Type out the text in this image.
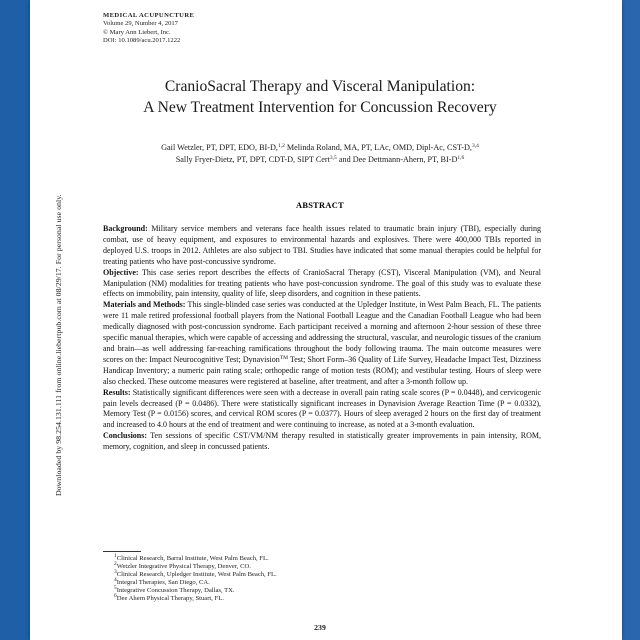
Downloaded by 98.254.131.111 from online.liebertpub.com at 08/29/17. For personal use only.
MEDICAL ACUPUNCTURE
Volume 29, Number 4, 2017
© Mary Ann Liebert, Inc.
DOI: 10.1089/acu.2017.1222
CranioSacral Therapy and Visceral Manipulation:
A New Treatment Intervention for Concussion Recovery
Gail Wetzler, PT, DPT, EDO, BI-D,$^{1,2}$ Melinda Roland, MA, PT, LAc, OMD, Dipl-Ac, CST-D,$^{3,4}$
Sally Fryer-Dietz, PT, DPT, CDT-D, SIPT Cert$^{3,5}$ and Dee Dettmann-Ahern, PT, $BI-D^{1,6}$
ABSTRACT

Background: Military service members and veterans face health issues related to traumatic brain injury (TBI), especially during combat, use of heavy equipment, and exposures to environmental hazards and explosives. There were 400,000 TBIs reported in deployed U.S. troops in 2012. Athletes are also subject to TBI. Studies have indicated that some manual therapies could be helpful for treating patients who have post-concussive syndrome.

Objective: This case series report describes the effects of CranioSacral Therapy (CST), Visceral Manipulation (VM), and Neural Manipulation (NM) modalities for treating patients who have post-concussion syndrome. The goal of this study was to evaluate these effects on immobility, pain intensity, quality of life, sleep disorders, and cognition in these patients.

Materials and Methods: This single-blinded case series was conducted at the Upledger Institute, in West Palm Beach, FL. The patients were 11 male retired professional football players from the National Football League and the Canadian Football League who had been medically diagnosed with post-concussion syndrome. Each participant received a morning and afternoon 2-hour session of these three specific manual therapies, which were capable of accessing and addressing the structural, vascular, and neurologic tissues of the cranium and brain—as well addressing far-reaching ramifications throughout the body following trauma. The main outcome measures were scores on the: Impact Neurocognitive Test; Dynavision™ Test; Short Form–36 Quality of Life Survey, Headache Impact Test, Dizziness Handicap Inventory; a numeric pain rating scale; orthopedic range of motion tests (ROM); and vestibular testing. Hours of sleep were also checked. These outcome measures were registered at baseline, after treatment, and after a 3-month follow up.

Results: Statistically significant differences were seen with a decrease in overall pain rating scale scores (P = 0.0448), and cervicogenic pain levels decreased (P = 0.0486). There were statistically significant increases in Dynavision Average Reaction Time (P = 0.0332), Memory Test (P = 0.0156) scores, and cervical ROM scores (P = 0.0377). Hours of sleep averaged 2 hours on the first day of treatment and increased to 4.0 hours at the end of treatment and were continuing to increase, as noted at a 3-month evaluation.

Conclusions: Ten sessions of specific CST/VM/NM therapy resulted in statistically greater improvements in pain intensity, ROM, memory, cognition, and sleep in concussed patients.

$^1$Clinical Research, Barral Institute, West Palm Beach, FL.
$^2$Wetzler Integrative Physical Therapy, Denver, CO.
$^3$Clinical Research, Upledger Institute, West Palm Beach, FL.
$^4$Integral Therapies, San Diego, CA.
$^5$Integrative Concussion Therapy, Dallas, TX.
$^6$Dee Ahern Physical Therapy, Stuart, FL.
239
